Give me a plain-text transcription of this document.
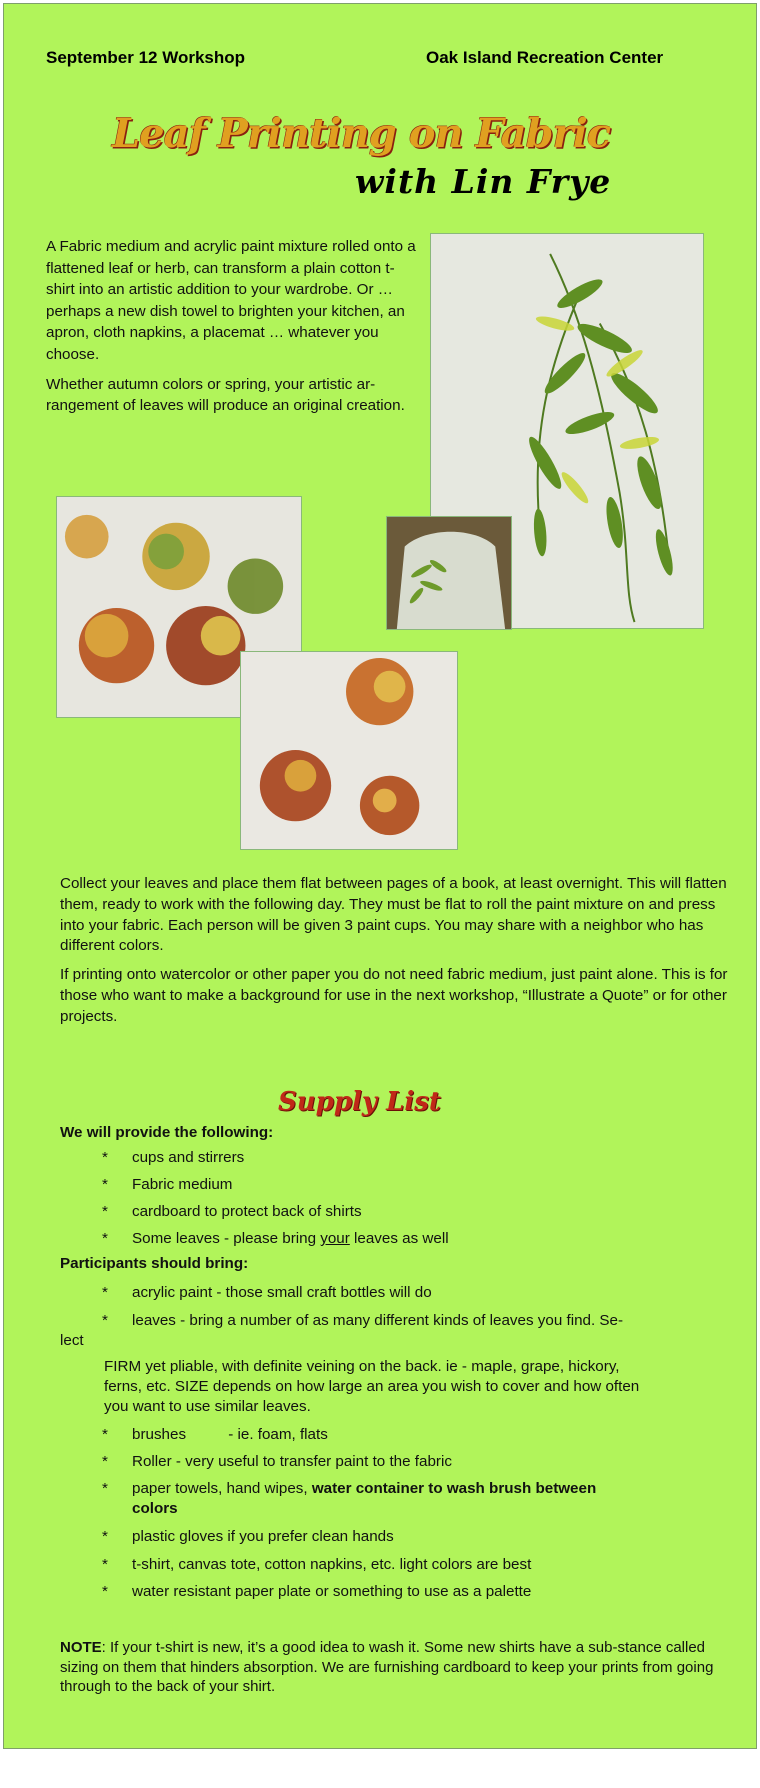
September 12 Workshop	Oak Island Recreation Center
Leaf Printing on Fabric
with Lin Frye

A Fabric medium and acrylic paint mixture rolled onto a flattened leaf or herb, can transform a plain cotton t-shirt into an artistic addition to your wardrobe. Or … perhaps a new dish towel to brighten your kitchen, an apron, cloth napkins, a placemat … whatever you choose.

Whether autumn colors or spring, your artistic ar-rangement of leaves will produce an original creation.

Collect your leaves and place them flat between pages of a book, at least overnight. This will flatten them, ready to work with the following day. They must be flat to roll the paint mixture on and press into your fabric. Each person will be given 3 paint cups. You may share with a neighbor who has different colors.

If printing onto watercolor or other paper you do not need fabric medium, just paint alone. This is for those who want to make a background for use in the next workshop, “Illustrate a Quote” or for other projects.

Supply List
We will provide the following:
* cups and stirrers
* Fabric medium
* cardboard to protect back of shirts
* Some leaves - please bring your leaves as well
Participants should bring:
* acrylic paint - those small craft bottles will do
* leaves - bring a number of as many different kinds of leaves you find. Se-
lect
FIRM yet pliable, with definite veining on the back. ie - maple, grape, hickory,
ferns, etc. SIZE depends on how large an area you wish to cover and how often
you want to use similar leaves.
* brushes          - ie. foam, flats
* Roller - very useful to transfer paint to the fabric
* paper towels, hand wipes, water container to wash brush between
colors
* plastic gloves if you prefer clean hands
* t-shirt, canvas tote, cotton napkins, etc. light colors are best
* water resistant paper plate or something to use as a palette
NOTE: If your t-shirt is new, it’s a good idea to wash it. Some new shirts have a sub-stance called sizing on them that hinders absorption. We are furnishing cardboard to keep your prints from going through to the back of your shirt.
